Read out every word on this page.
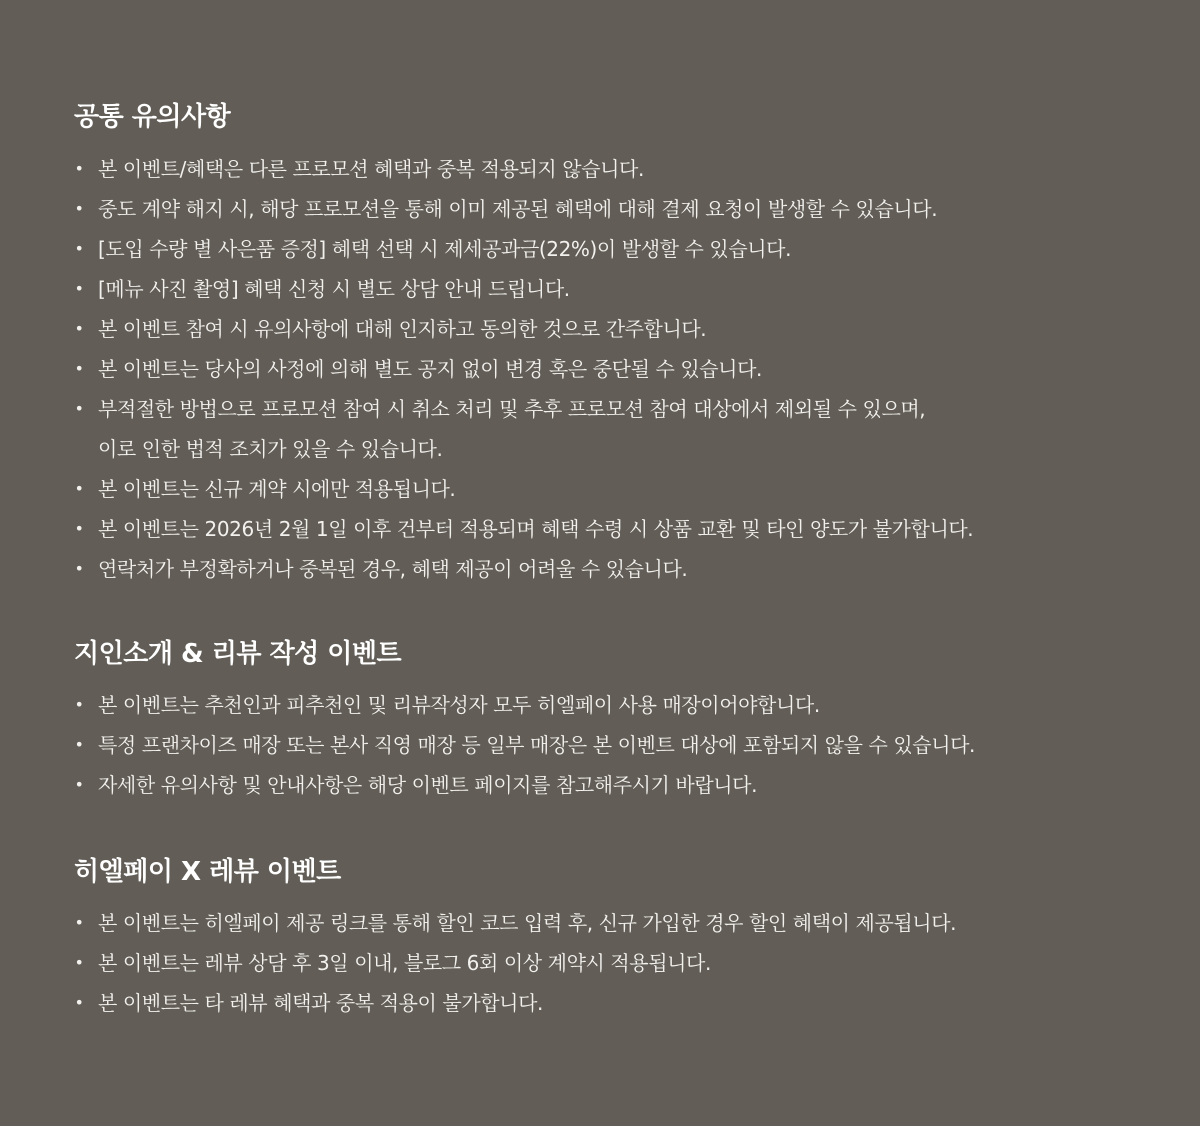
공통 유의사항
• 본 이벤트/혜택은 다른 프로모션 혜택과 중복 적용되지 않습니다.
• 중도 계약 해지 시, 해당 프로모션을 통해 이미 제공된 혜택에 대해 결제 요청이 발생할 수 있습니다.
• [도입 수량 별 사은품 증정] 혜택 선택 시 제세공과금(22%)이 발생할 수 있습니다.
• [메뉴 사진 촬영] 혜택 신청 시 별도 상담 안내 드립니다.
• 본 이벤트 참여 시 유의사항에 대해 인지하고 동의한 것으로 간주합니다.
• 본 이벤트는 당사의 사정에 의해 별도 공지 없이 변경 혹은 중단될 수 있습니다.
• 부적절한 방법으로 프로모션 참여 시 취소 처리 및 추후 프로모션 참여 대상에서 제외될 수 있으며,
이로 인한 법적 조치가 있을 수 있습니다.
• 본 이벤트는 신규 계약 시에만 적용됩니다.
• 본 이벤트는 2026년 2월 1일 이후 건부터 적용되며 혜택 수령 시 상품 교환 및 타인 양도가 불가합니다.
• 연락처가 부정확하거나 중복된 경우, 혜택 제공이 어려울 수 있습니다.
지인소개 & 리뷰 작성 이벤트
• 본 이벤트는 추천인과 피추천인 및 리뷰작성자 모두 히엘페이 사용 매장이어야합니다.
• 특정 프랜차이즈 매장 또는 본사 직영 매장 등 일부 매장은 본 이벤트 대상에 포함되지 않을 수 있습니다.
• 자세한 유의사항 및 안내사항은 해당 이벤트 페이지를 참고해주시기 바랍니다.
히엘페이 X 레뷰 이벤트
• 본 이벤트는 히엘페이 제공 링크를 통해 할인 코드 입력 후, 신규 가입한 경우 할인 혜택이 제공됩니다.
• 본 이벤트는 레뷰 상담 후 3일 이내, 블로그 6회 이상 계약시 적용됩니다.
• 본 이벤트는 타 레뷰 혜택과 중복 적용이 불가합니다.
